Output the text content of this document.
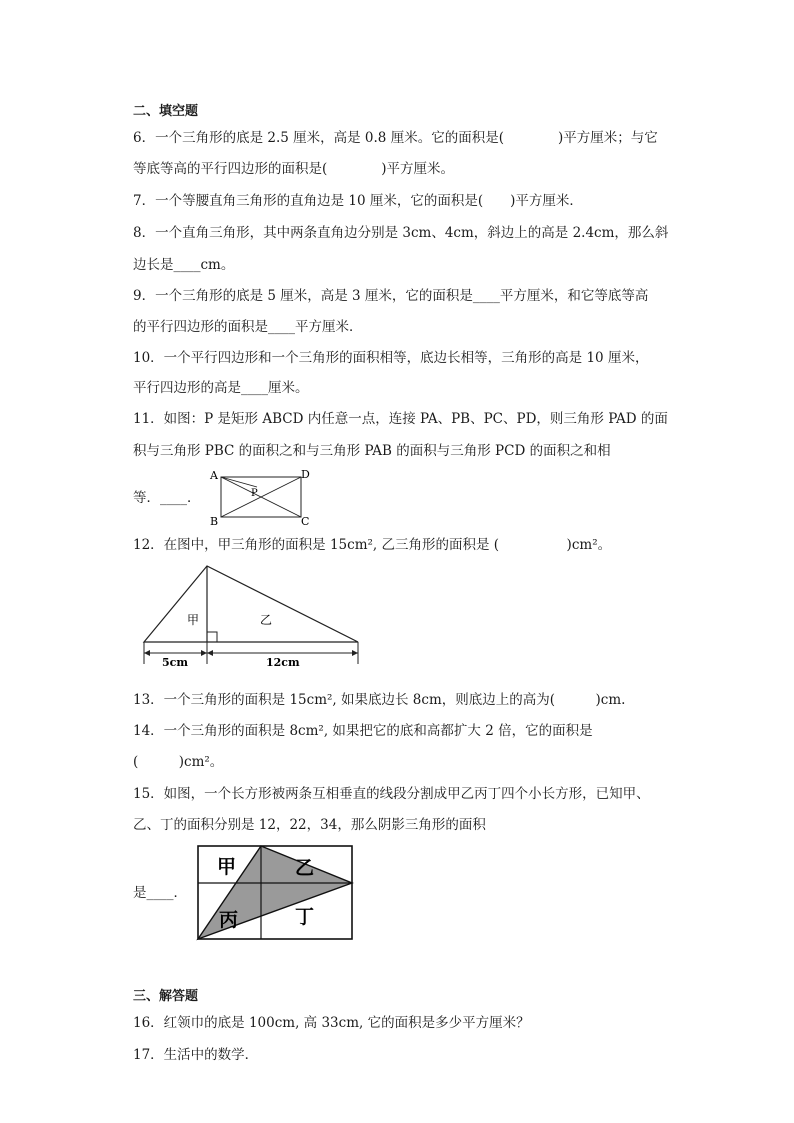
二、填空题
6．一个三角形的底是 2.5 厘米，高是 0.8 厘米。它的面积是(　　　　)平方厘米；与它
等底等高的平行四边形的面积是(　　　　)平方厘米。
7．一个等腰直角三角形的直角边是 10 厘米，它的面积是(　　)平方厘米．
8．一个直角三角形，其中两条直角边分别是 3cm、4cm，斜边上的高是 2.4cm，那么斜
边长是____cm。
9．一个三角形的底是 5 厘米，高是 3 厘米，它的面积是____平方厘米，和它等底等高
的平行四边形的面积是____平方厘米．
10．一个平行四边形和一个三角形的面积相等，底边长相等，三角形的高是 10 厘米，
平行四边形的高是____厘米。
11．如图：P 是矩形 ABCD 内任意一点，连接 PA、PB、PC、PD，则三角形 PAD 的面
积与三角形 PBC 的面积之和与三角形 PAB 的面积与三角形 PCD 的面积之和相
等．____．
A
B	C
D
P
12．在图中，甲三角形的面积是 15cm², 乙三角形的面积是 (　　　　　)cm²。
甲	乙
5cm	12cm
13．一个三角形的面积是 15cm², 如果底边长 8cm，则底边上的高为(　　　)cm.
14．一个三角形的面积是 8cm², 如果把它的底和高都扩大 2 倍，它的面积是
(　　　)cm²。
15．如图，一个长方形被两条互相垂直的线段分割成甲乙丙丁四个小长方形，已知甲、
乙、丁的面积分别是 12，22，34，那么阴影三角形的面积
是____．
甲	乙
丙	丁
三、解答题
16．红领巾的底是 100cm, 高 33cm, 它的面积是多少平方厘米？
17．生活中的数学．
